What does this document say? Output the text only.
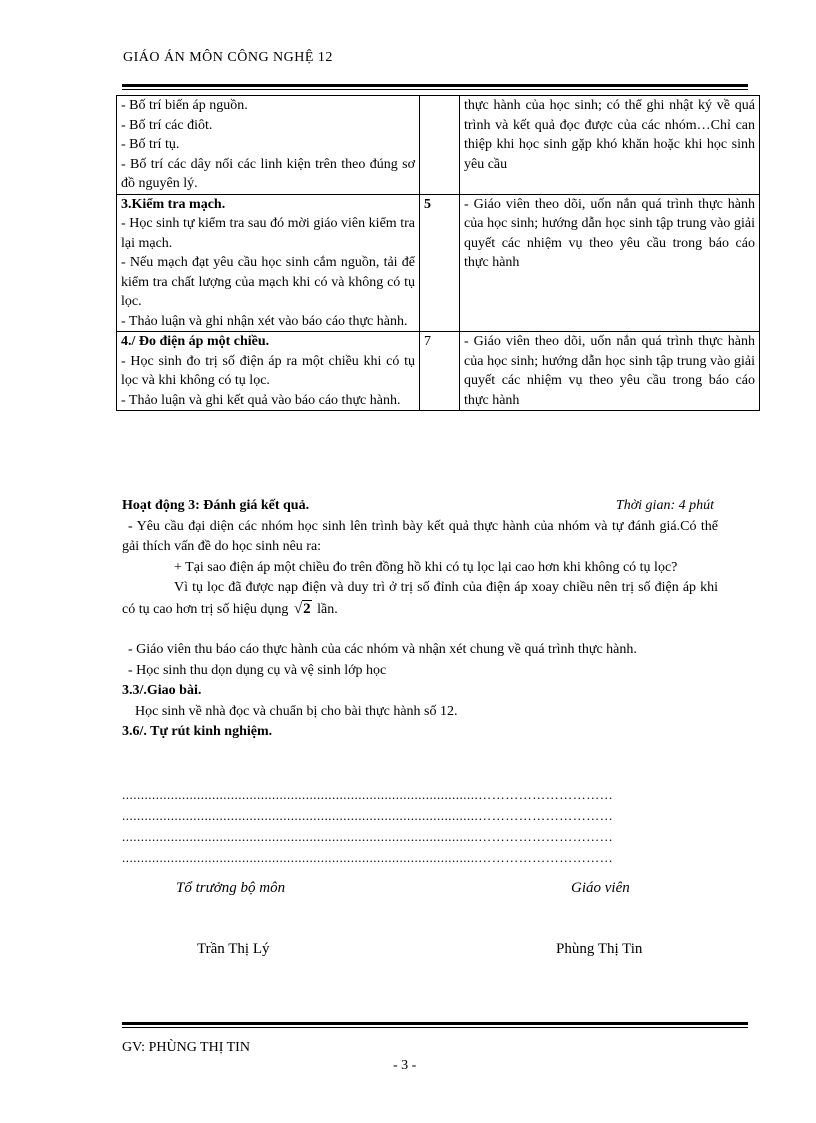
GIÁO ÁN MÔN CÔNG NGHỆ 12
- Bố trí biến áp nguồn.
- Bố trí các điôt.
- Bố trí tụ.
- Bố trí các dây nối các linh kiện trên theo đúng sơ đồ nguyên lý.		thực hành của học sinh; có thể ghi nhật ký về quá trình và kết quả đọc được của các nhóm…Chỉ can thiệp khi học sinh gặp khó khăn hoặc khi học sinh yêu cầu

3.Kiểm tra mạch.
- Học sinh tự kiểm tra sau đó mời giáo viên kiểm tra lại mạch.
- Nếu mạch đạt yêu cầu học sinh cắm nguồn, tải để kiểm tra chất lượng của mạch khi có và không có tụ lọc.
- Thảo luận và ghi nhận xét vào báo cáo thực hành.	5	- Giáo viên theo dõi, uốn nắn quá trình thực hành của học sinh; hướng dẫn học sinh tập trung vào giải quyết các nhiệm vụ theo yêu cầu trong báo cáo thực hành

4./ Đo điện áp một chiều.
- Học sinh đo trị số điện áp ra một chiều khi có tụ lọc và khi không có tụ lọc.
- Thảo luận và ghi kết quả vào báo cáo thực hành.	7	- Giáo viên theo dõi, uốn nắn quá trình thực hành của học sinh; hướng dẫn học sinh tập trung vào giải quyết các nhiệm vụ theo yêu cầu trong báo cáo thực hành
Hoạt động 3: Đánh giá kết quả.	Thời gian: 4 phút
- Yêu cầu đại diện các nhóm học sinh lên trình bày kết quả thực hành của nhóm và tự đánh giá.Có thể gải thích vấn đề do học sinh nêu ra:
+ Tại sao điện áp một chiều đo trên đồng hồ khi có tụ lọc lại cao hơn khi không có tụ lọc?
Vì tụ lọc đã được nạp điện và duy trì ở trị số đỉnh của điện áp xoay chiều nên trị số điện áp khi có tụ cao hơn trị số hiệu dụng √2 lần.
- Giáo viên thu báo cáo thực hành của các nhóm và nhận xét chung về quá trình thực hành.
- Học sinh thu dọn dụng cụ và vệ sinh lớp học
3.3/.Giao bài.
Học sinh về nhà đọc và chuẩn bị cho bài thực hành số 12.
3.6/. Tự rút kinh nghiệm.
...............................................................................................…………………………
...............................................................................................…………………………
...............................................................................................…………………………
...............................................................................................…………………………
Tổ trưởng bộ môn	Giáo viên
Trần Thị Lý	Phùng Thị Tin
GV: PHÙNG THỊ TIN
- 3 -
